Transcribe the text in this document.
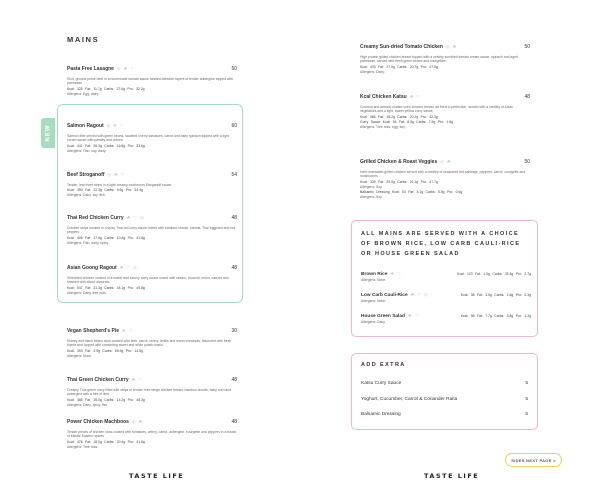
MAINS
NEW
Pasta Free Lasagne ◎ ☘ ♡	50
Rich, ground prime beef in a homemade tomato sauce nestled between layers of tender aubergine topped with parmesan.
Kcal: 325 Fat: 11.7g Carbs: 27.6g Pro: 32.2g
Allergens: Egg, dairy.
Salmon Ragout ◎ ☘ ♡	60
Salmon fillet served with green beans, sautéed cherry tomatoes, carrot and baby spinach topped with a light cream sauce with parsley and chives.
Kcal: 441 Fat: 26.3g Carbs: 16.8g Pro: 33.6g
Allergens: Fish, soy, dairy.
Beef Stroganoff ◎ ☘ ♡	54
Tender, lean beef strips in a light creamy mushroom Stroganoff sauce.
Kcal: 390 Fat: 22.3g Carbs: 9.6g Pro: 34.4g
Allergens: Dairy, soy, fish.
Thai Red Chicken Curry ☘ ♡ ◎	48
Chicken strips cooked in a spicy Thai red curry sauce mixed with bamboo shoots, carrots, Thai eggplant and red peppers.
Kcal: 408 Fat: 27.6g Carbs: 10.4g Pro: 41.8g
Allergens: Fish, dairy, spicy.
Asian Goong Ragout ☘ ♡ ◎	48
Shredded chicken cooked in a sweet and savory curry sauce mixed with raisins, broccoli, onion, carrots and finished with sliced almonds.
Kcal: 547 Fat: 21.3g Carbs: 44.1g Pro: 49.8g
Allergens: Dairy, tree nuts.
Vegan Shepherd's Pie ☘ ♡	30
Kidney and black beans slow-cooked with leek, carrot, celery, lentils and warm chestnuts, flavoured with fresh thyme and topped with comforting sweet and white potato mash.
Kcal: 393 Fat: 4.9g Carbs: 69.9g Pro: 14.5g
Allergens: None.
Thai Green Chicken Curry ☘ ♡	48
Creamy Thai green curry filled with strips of tender, free range chicken breast, bamboo shoots, baby corn and aubergine with a hint of lime.
Kcal: 485 Fat: 26.0g Carbs: 14.2g Pro: 48.3g
Allergens: Dairy, spicy, fish.
Power Chicken Machboos ◎ ☘	48
Tender pieces of chicken slow-cooked with tomatoes, celery, carrot, aubergine, courgette and peppers in a fusion of Middle Eastern spices.
Kcal: 476 Fat: 18.0g Carbs: 20.4g Pro: 41.8g
Allergens: Tree nuts.
Creamy Sun-dried Tomato Chicken ◎ ☘	50
High protein grilled chicken breast topped with a velvety sundried tomato cream sauce, spinach and aged parmesan, served with fresh green beans and courgettes.
Kcal: 433 Fat: 27.0g Carbs: 20.7g Pro: 47.5g
Allergens: Dairy.
Kcal Chicken Katsu ☘ ♡	48
Coconut and almond coated oven chicken breast, air fried to perfection, served with a medley of Asian vegetables and a light, sweet yellow curry sauce.
Kcal: 486 Fat: 18.2g Carbs: 20.2g Pro: 42.3g
Curry Sauce Kcal: 54 Fat: 8.5g Carbs: 7.5g Pro: 1.6g
Allergens: Tree nuts, egg, soy.
Grilled Chicken & Roast Veggies ◎ ☘	50
Herb marinated grilled chicken served with a medley of seasoned red cabbage, peppers, carrot, courgette and mushrooms.
Kcal: 339 Fat: 20.0g Carbs: 21.1g Pro: 47.7g
Allergens: Soy.
Balsamic Dressing Kcal: 53 Fat: 3.1g Carbs: 5.5g Pro: 0.6g
Allergens: Soy.
ALL MAINS ARE SERVED WITH A CHOICE OF BROWN RICE, LOW CARB CAULI-RICE OR HOUSE GREEN SALAD
Brown Rice ☘ ♡	Kcal: 123 Fat: 1.0g Carbs: 25.4g Pro: 2.7g
Allergens: None.
Low Carb Cauli-Rice ☘ ♡ ◎	Kcal: 38 Fat: 3.5g Carbs: 1.8g Pro: 2.3g
Allergens: None.
House Green Salad ☘ ♡	Kcal: 98 Fat: 7.7g Carbs: 3.8g Pro: 1.2g
Allergens: Dairy.
ADD EXTRA
Katsu Curry Sauce	5
Yoghurt, Cucumber, Carrot & Coriander Raita	5
Balsamic Dressing	5
TASTE LIFE	TASTE LIFE
SIDES NEXT PAGE >
